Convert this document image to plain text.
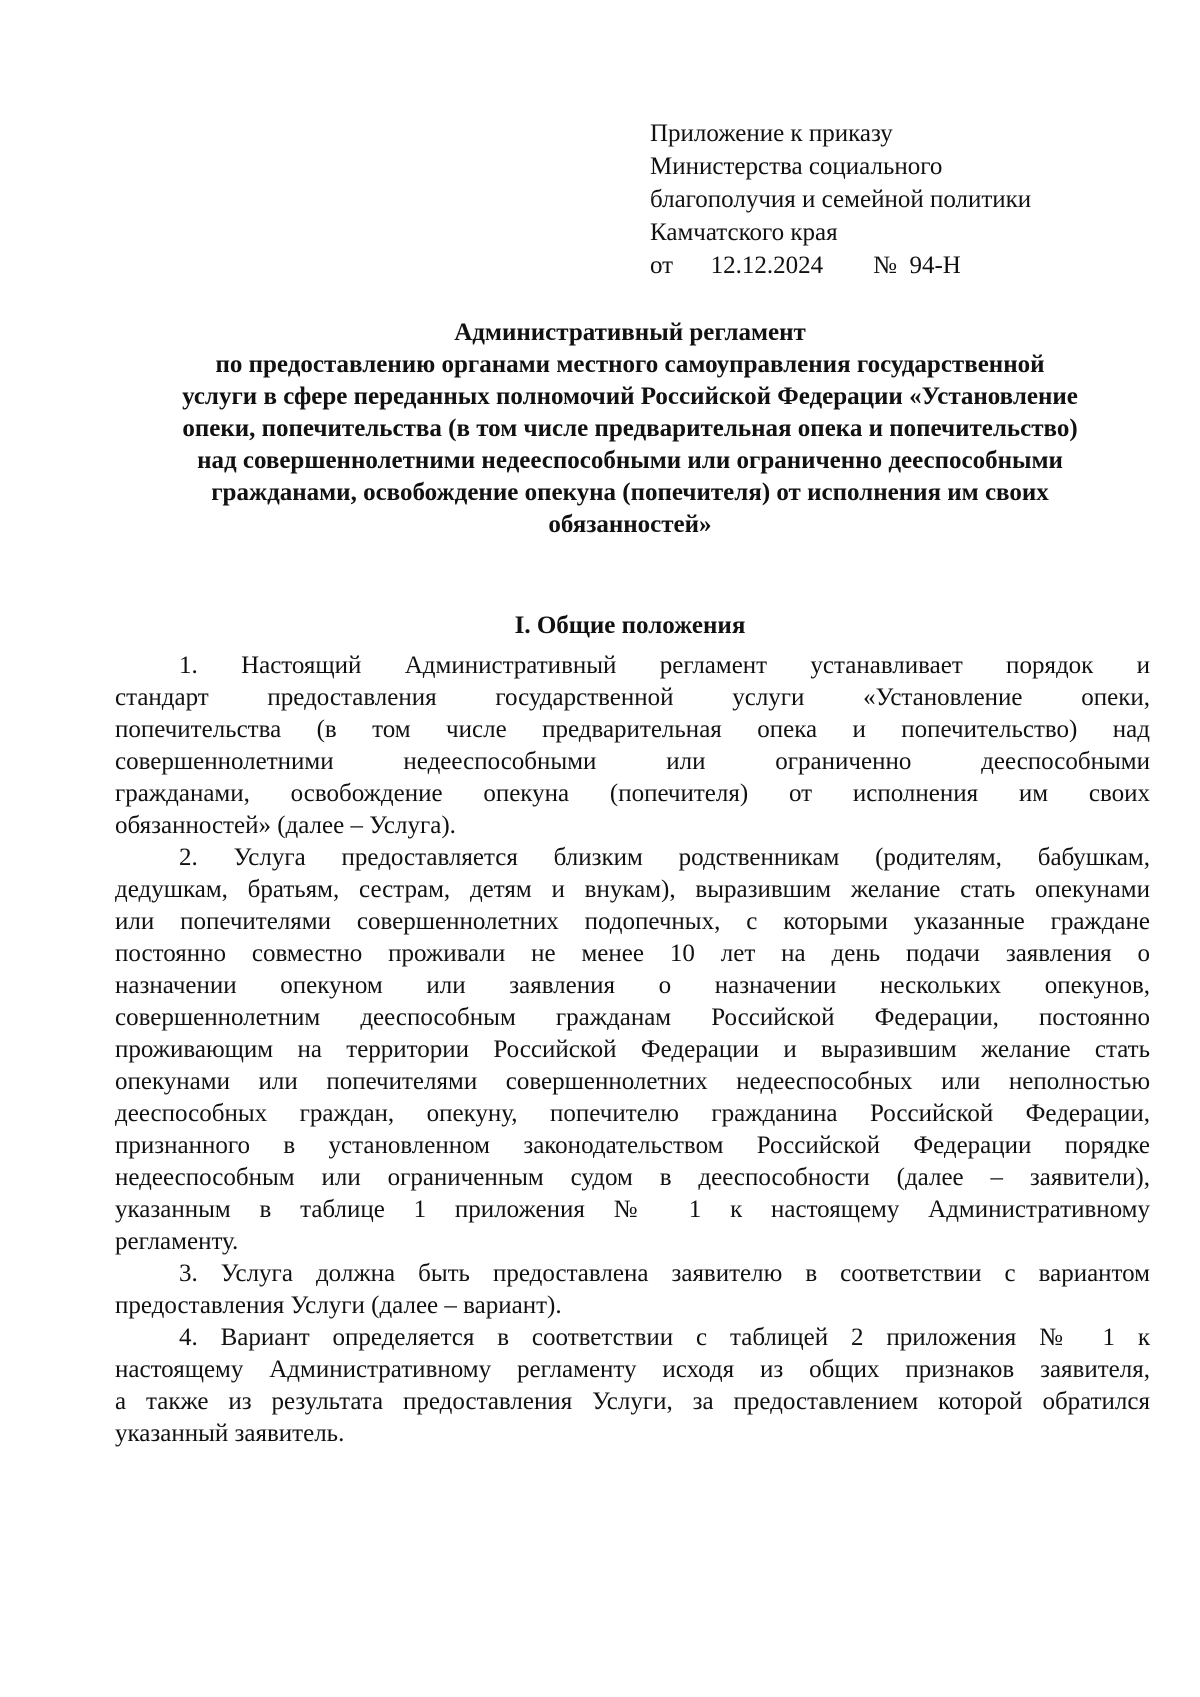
Приложение к приказу
Министерства социального
благополучия и семейной политики
Камчатского края
от      12.12.2024        №  94-Н
Административный регламент
по предоставлению органами местного самоуправления государственной
услуги в сфере переданных полномочий Российской Федерации «Установление
опеки, попечительства (в том числе предварительная опека и попечительство)
над совершеннолетними недееспособными или ограниченно дееспособными
гражданами, освобождение опекуна (попечителя) от исполнения им своих
обязанностей»
I. Общие положения
1. Настоящий Административный регламент устанавливает порядок и
стандарт предоставления государственной услуги «Установление опеки,
попечительства (в том числе предварительная опека и попечительство) над
совершеннолетними недееспособными или ограниченно дееспособными
гражданами, освобождение опекуна (попечителя) от исполнения им своих
обязанностей» (далее – Услуга).
2. Услуга предоставляется близким родственникам (родителям, бабушкам,
дедушкам, братьям, сестрам, детям и внукам), выразившим желание стать опекунами
или попечителями совершеннолетних подопечных, с которыми указанные граждане
постоянно совместно проживали не менее 10 лет на день подачи заявления о
назначении опекуном или заявления о назначении нескольких опекунов,
совершеннолетним дееспособным гражданам Российской Федерации, постоянно
проживающим на территории Российской Федерации и выразившим желание стать
опекунами или попечителями совершеннолетних недееспособных или неполностью
дееспособных граждан, опекуну, попечителю гражданина Российской Федерации,
признанного в установленном законодательством Российской Федерации порядке
недееспособным или ограниченным судом в дееспособности (далее – заявители),
указанным в таблице 1 приложения № 1 к настоящему Административному
регламенту.
3. Услуга должна быть предоставлена заявителю в соответствии с вариантом
предоставления Услуги (далее – вариант).
4. Вариант определяется в соответствии с таблицей 2 приложения № 1 к
настоящему Административному регламенту исходя из общих признаков заявителя,
а также из результата предоставления Услуги, за предоставлением которой обратился
указанный заявитель.
